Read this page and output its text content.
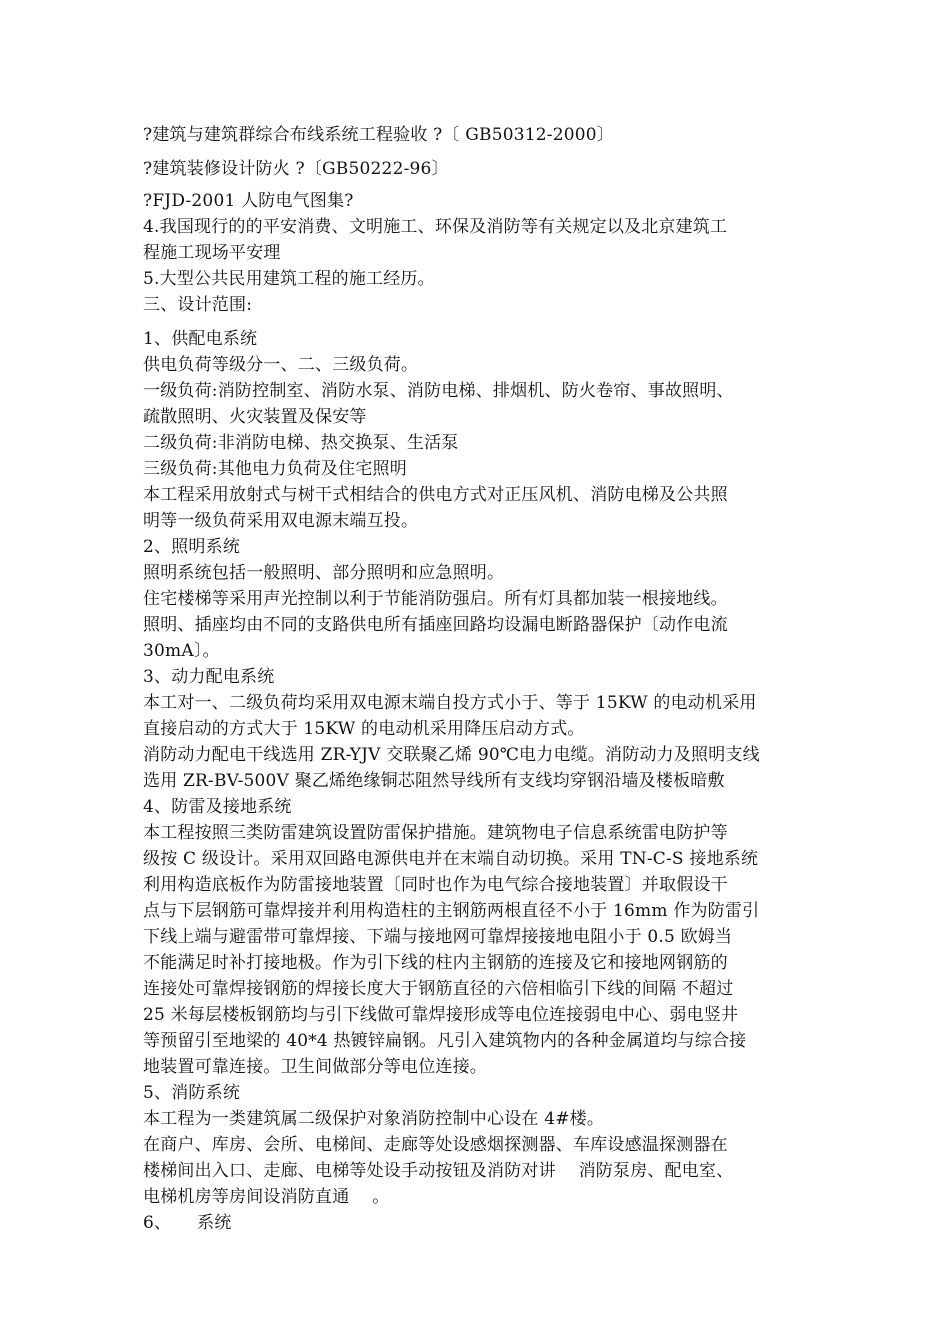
?建筑与建筑群综合布线系统工程验收 ?〔 GB50312-2000〕
?建筑装修设计防火 ?〔GB50222-96〕
?FJD-2001 人防电气图集?
4.我国现行的的平安消费、文明施工、环保及消防等有关规定以及北京建筑工
程施工现场平安理
5.大型公共民用建筑工程的施工经历。
三、设计范围:
1、供配电系统
供电负荷等级分一、二、三级负荷。
一级负荷:消防控制室、消防水泵、消防电梯、排烟机、防火卷帘、事故照明、
疏散照明、火灾装置及保安等
二级负荷:非消防电梯、热交换泵、生活泵
三级负荷:其他电力负荷及住宅照明
本工程采用放射式与树干式相结合的供电方式对正压风机、消防电梯及公共照
明等一级负荷采用双电源末端互投。
2、照明系统
照明系统包括一般照明、部分照明和应急照明。
住宅楼梯等采用声光控制以利于节能消防强启。所有灯具都加装一根接地线。
照明、插座均由不同的支路供电所有插座回路均设漏电断路器保护〔动作电流
30mA〕。
3、动力配电系统
本工对一、二级负荷均采用双电源末端自投方式小于、等于 15KW 的电动机采用
直接启动的方式大于 15KW 的电动机采用降压启动方式。
消防动力配电干线选用 ZR-YJV 交联聚乙烯 90℃电力电缆。消防动力及照明支线
选用 ZR-BV-500V 聚乙烯绝缘铜芯阻然导线所有支线均穿钢沿墙及楼板暗敷
4、防雷及接地系统
本工程按照三类防雷建筑设置防雷保护措施。建筑物电子信息系统雷电防护等
级按 C 级设计。采用双回路电源供电并在末端自动切换。采用 TN-C-S 接地系统
利用构造底板作为防雷接地装置〔同时也作为电气综合接地装置〕并取假设干
点与下层钢筋可靠焊接并利用构造柱的主钢筋两根直径不小于 16mm 作为防雷引
下线上端与避雷带可靠焊接、下端与接地网可靠焊接接地电阻小于 0.5 欧姆当
不能满足时补打接地极。作为引下线的柱内主钢筋的连接及它和接地网钢筋的
连接处可靠焊接钢筋的焊接长度大于钢筋直径的六倍相临引下线的间隔 不超过
25 米每层楼板钢筋均与引下线做可靠焊接形成等电位连接弱电中心、弱电竖井
等预留引至地梁的 40*4 热镀锌扁钢。凡引入建筑物内的各种金属道均与综合接
地装置可靠连接。卫生间做部分等电位连接。
5、消防系统
本工程为一类建筑属二级保护对象消防控制中心设在 4#楼。
在商户、库房、会所、电梯间、走廊等处设感烟探测器、车库设感温探测器在
楼梯间出入口、走廊、电梯等处设手动按钮及消防对讲　 消防泵房、配电室、
电梯机房等房间设消防直通　 。
6、　　系统
